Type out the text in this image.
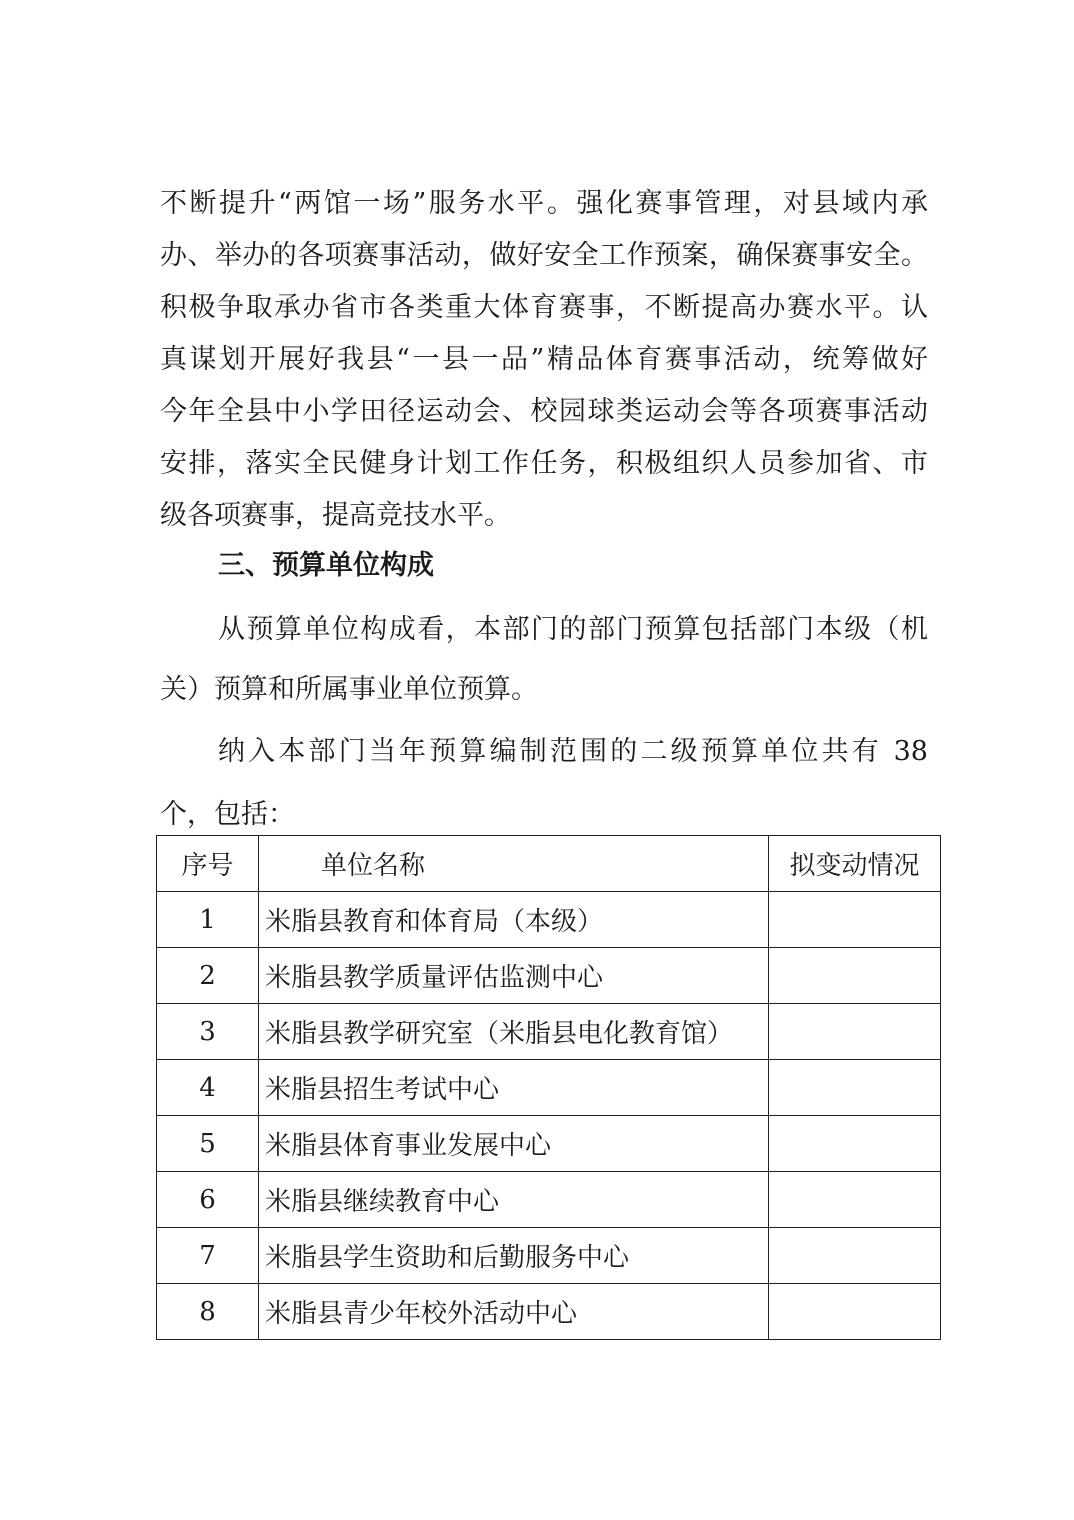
不断提升“两馆一场”服务水平。强化赛事管理，对县域内承
办、举办的各项赛事活动，做好安全工作预案，确保赛事安全。
积极争取承办省市各类重大体育赛事，不断提高办赛水平。认
真谋划开展好我县“一县一品”精品体育赛事活动，统筹做好
今年全县中小学田径运动会、校园球类运动会等各项赛事活动
安排，落实全民健身计划工作任务，积极组织人员参加省、市
级各项赛事，提高竞技水平。
三、预算单位构成
从预算单位构成看，本部门的部门预算包括部门本级（机
关）预算和所属事业单位预算。
纳入本部门当年预算编制范围的二级预算单位共有 38
个，包括：
序号	单位名称	拟变动情况
1	米脂县教育和体育局（本级）	
2	米脂县教学质量评估监测中心	
3	米脂县教学研究室（米脂县电化教育馆）	
4	米脂县招生考试中心	
5	米脂县体育事业发展中心	
6	米脂县继续教育中心	
7	米脂县学生资助和后勤服务中心	
8	米脂县青少年校外活动中心	
